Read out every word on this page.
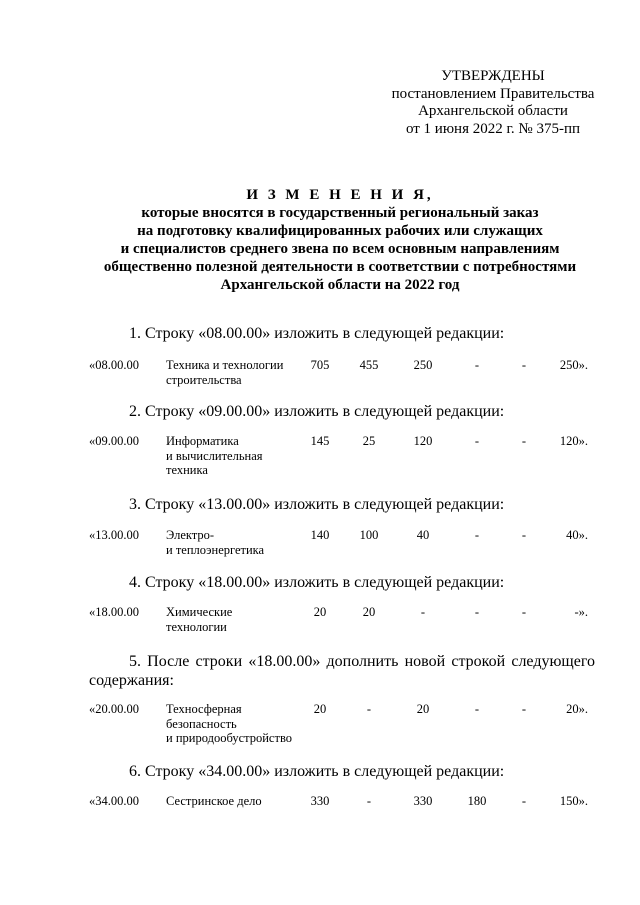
УТВЕРЖДЕНЫ
постановлением Правительства
Архангельской области
от 1 июня 2022 г. № 375-пп
И З М Е Н Е Н И Я,
которые вносятся в государственный региональный заказ
на подготовку квалифицированных рабочих или служащих
и специалистов среднего звена по всем основным направлениям
общественно полезной деятельности в соответствии с потребностями
Архангельской области на 2022 год
1. Строку «08.00.00» изложить в следующей редакции:
«08.00.00 Техника и технологии
строительства
705	455	250	-	-	250».
2. Строку «09.00.00» изложить в следующей редакции:
«09.00.00 Информатика
и вычислительная
техника
145	25	120	-	-	120».
3. Строку «13.00.00» изложить в следующей редакции:
«13.00.00 Электро-
и теплоэнергетика
140	100	40	-	-	40».
4. Строку «18.00.00» изложить в следующей редакции:
«18.00.00 Химические
технологии
20	20	-	-	-	-».
5. После строки «18.00.00» дополнить новой строкой следующего содержания:
«20.00.00 Техносферная
безопасность
и природообустройство
20	-	20	-	-	20».
6. Строку «34.00.00» изложить в следующей редакции:
«34.00.00 Сестринское дело	330	-	330	180	-	150».
